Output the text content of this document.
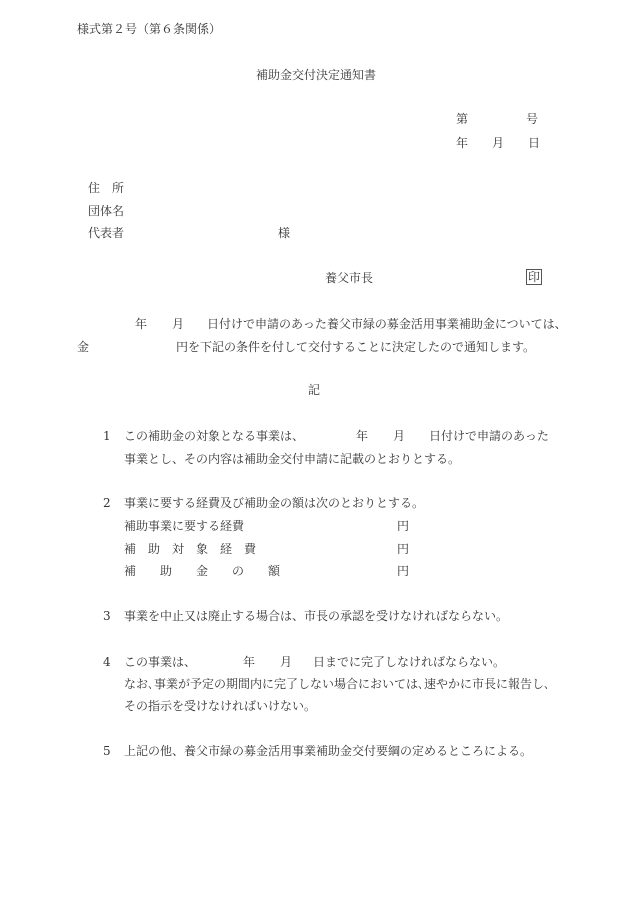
様式第２号（第６条関係）
補助金交付決定通知書
第	号
年 月 日
住　所
団体名
代表者	様
養父市長	印
年 月 日付けで申請のあった養父市緑の募金活用事業補助金については、
金	円を下記の条件を付して交付することに決定したので通知します。
記
1 この補助金の対象となる事業は、	年 月 日付けで申請のあった
事業とし、その内容は補助金交付申請に記載のとおりとする。
2 事業に要する経費及び補助金の額は次のとおりとする。
補助事業に要する経費	円
補　助　対　象　経　費	円
補　　助　　金　　の　　額	円
3 事業を中止又は廃止する場合は、市長の承認を受けなければならない。
4 この事業は、	年 月 日までに完了しなければならない。
なお､事業が予定の期間内に完了しない場合においては､速やかに市長に報告し､
その指示を受けなければいけない。
5 上記の他、養父市緑の募金活用事業補助金交付要綱の定めるところによる。
